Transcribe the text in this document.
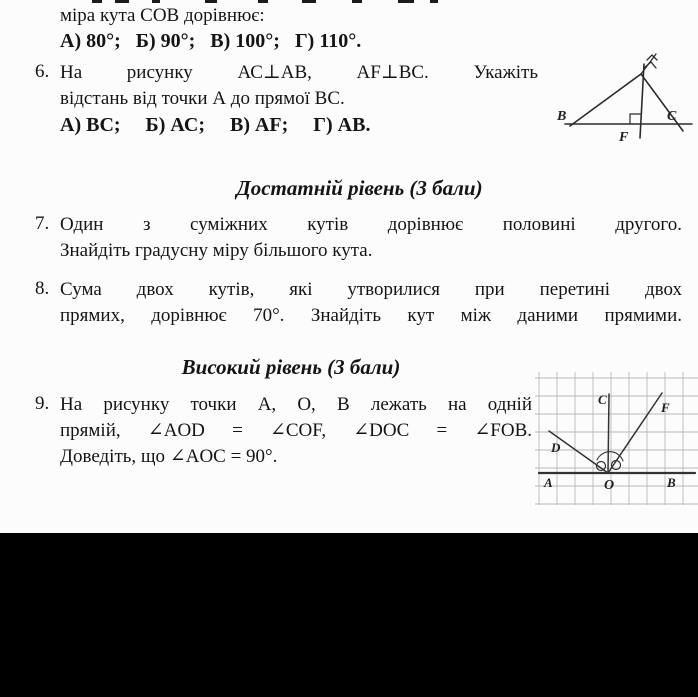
міра кута СОВ дорівнює:
А) 80°;   Б) 90°;   В) 100°;   Г) 110°.
6. На рисунку АС⊥АВ, AF⊥BC. Укажіть
відстань від точки А до прямої ВС.
А) ВС;     Б) АС;     В) AF;     Г) АВ.	B	C
F
Достатній рівень (3 бали)
7. Один з суміжних кутів дорівнює половині другого.
Знайдіть градусну міру більшого кута.
8. Сума двох кутів, які утворилися при перетині двох
прямих, дорівнює 70°. Знайдіть кут між даними прямими.
Високий рівень (3 бали)
9. На рисунку точки А, О, В лежать на одній
прямій, ∠AOD = ∠COF, ∠DOC = ∠FOB.
Доведіть, що ∠AOC = 90°.
A	O	B
C
D
F
